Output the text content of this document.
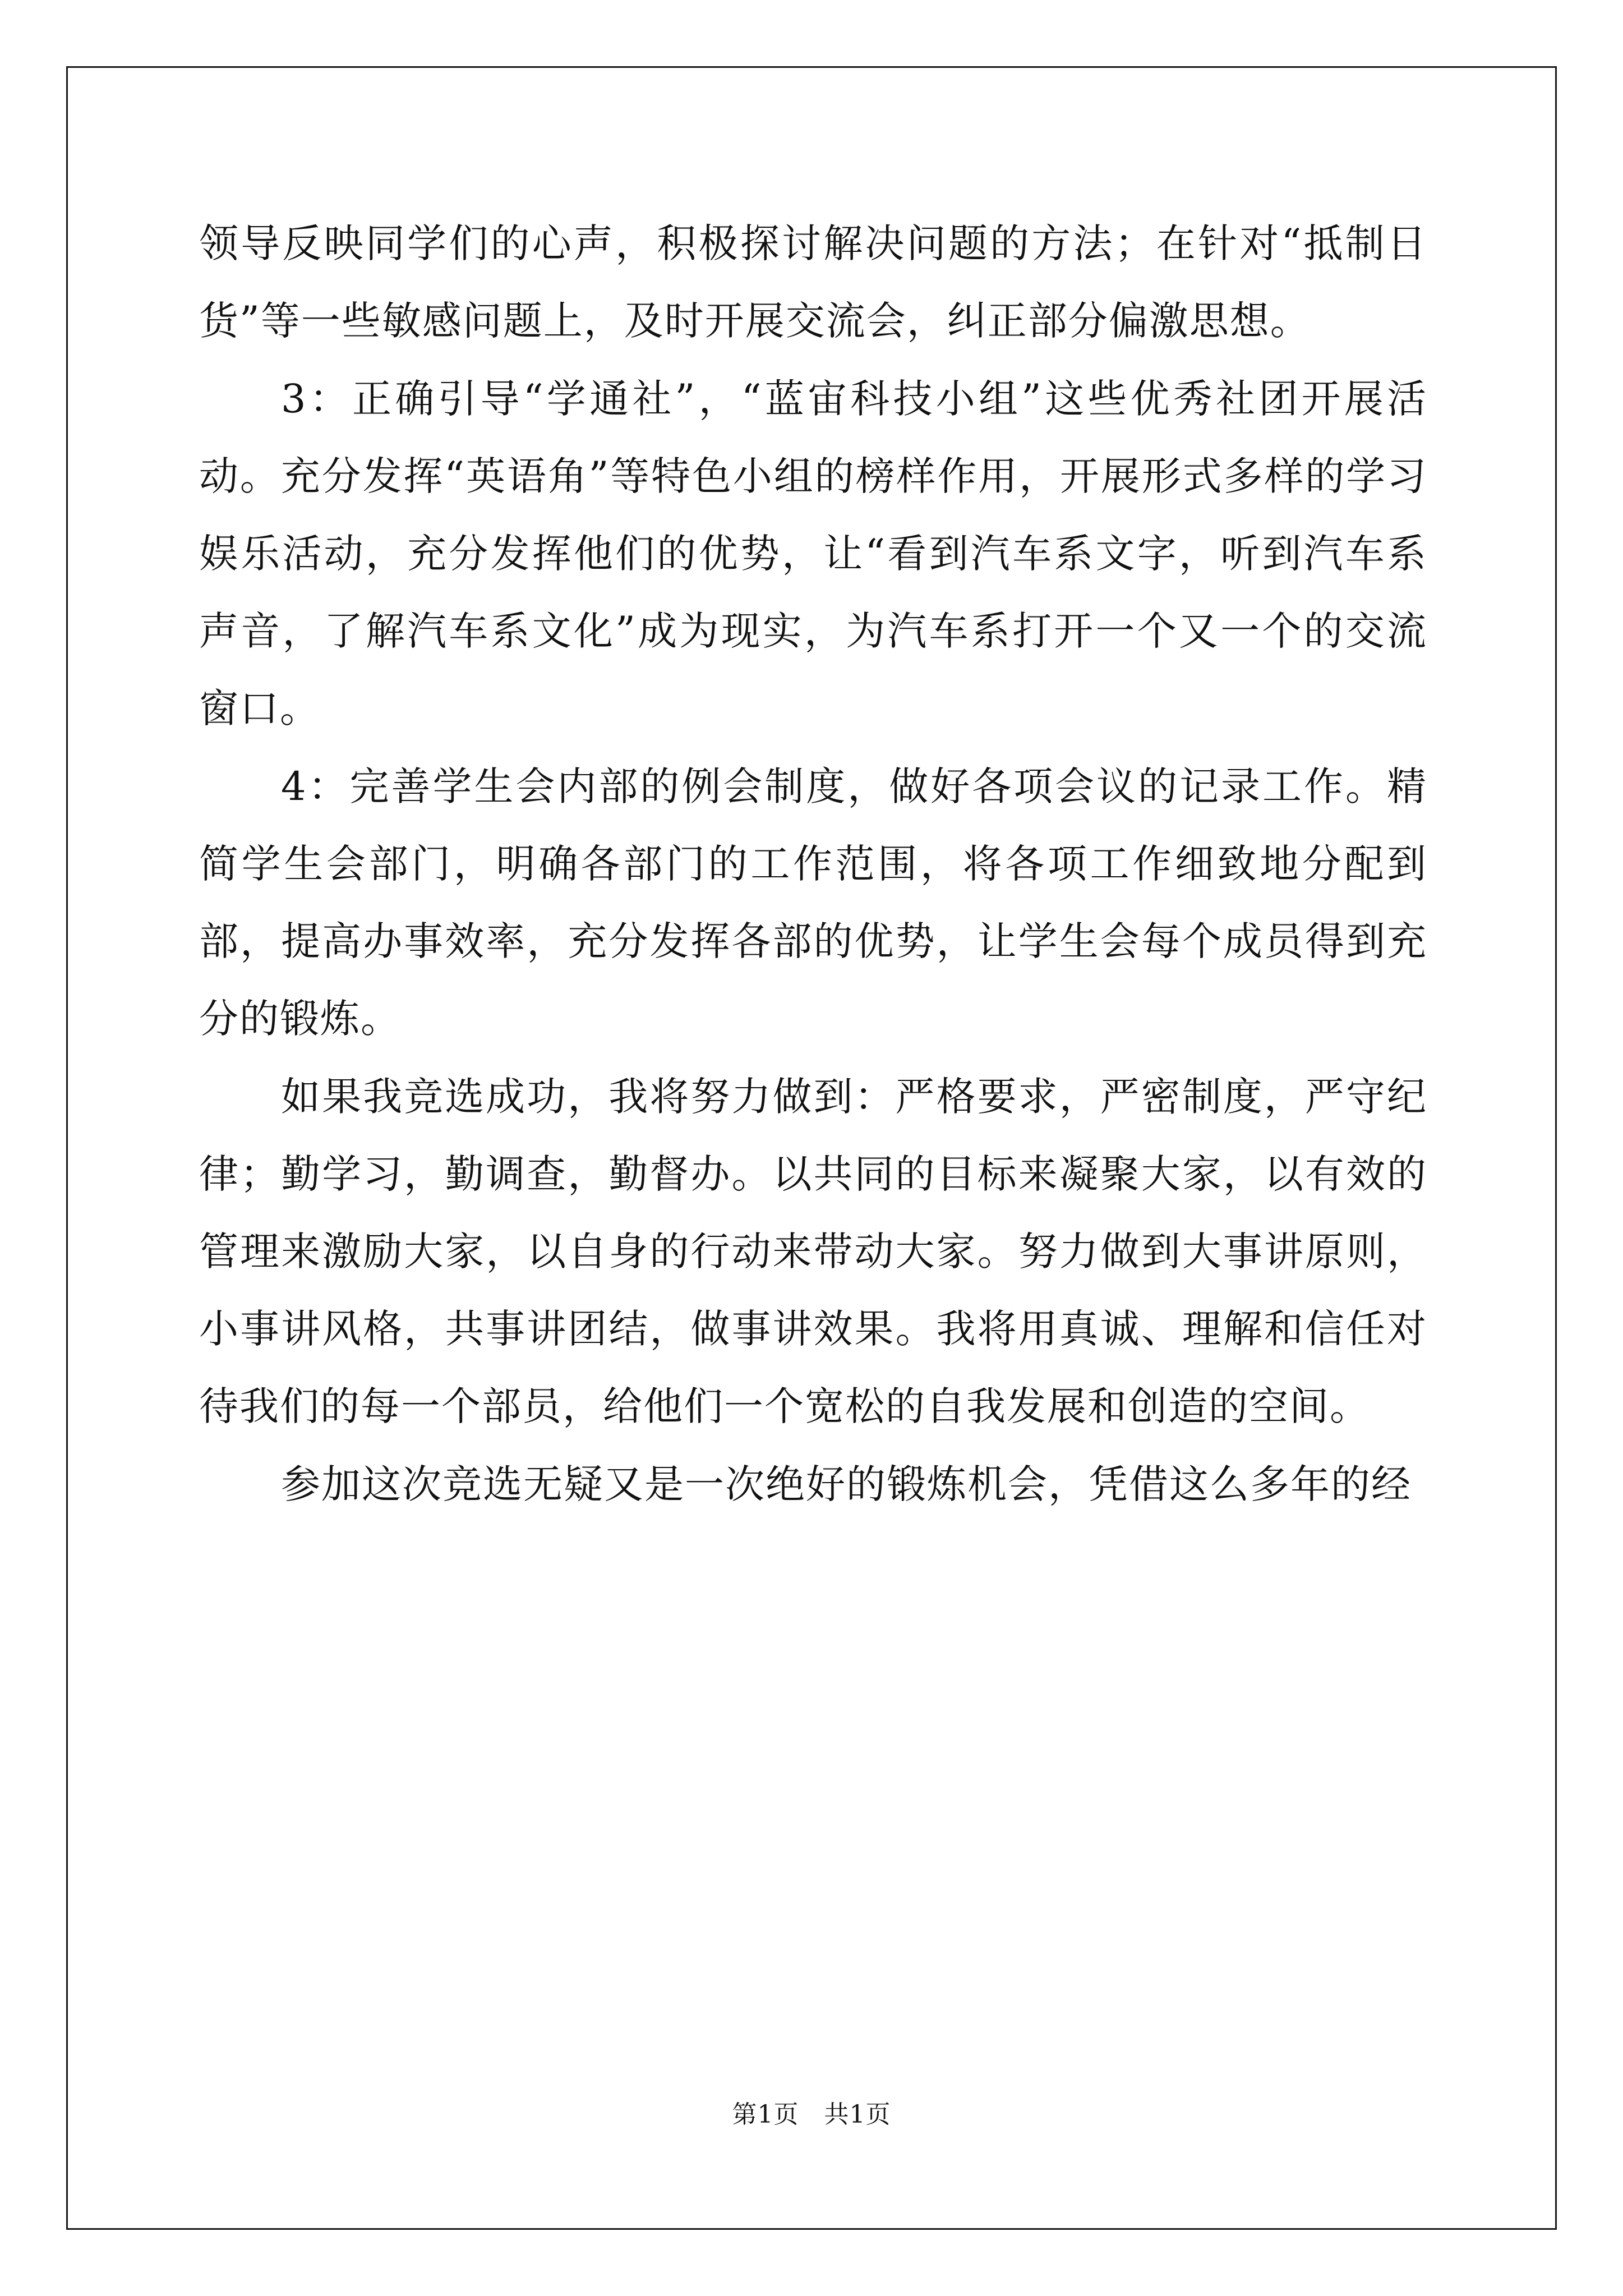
领导反映同学们的心声，积极探讨解决问题的方法；在针对“抵制日货”等一些敏感问题上，及时开展交流会，纠正部分偏激思想。

3：正确引导“学通社”，“蓝宙科技小组”这些优秀社团开展活动。充分发挥“英语角”等特色小组的榜样作用，开展形式多样的学习娱乐活动，充分发挥他们的优势，让“看到汽车系文字，听到汽车系声音，了解汽车系文化”成为现实，为汽车系打开一个又一个的交流窗口。

4：完善学生会内部的例会制度，做好各项会议的记录工作。精简学生会部门，明确各部门的工作范围，将各项工作细致地分配到部，提高办事效率，充分发挥各部的优势，让学生会每个成员得到充分的锻炼。

如果我竞选成功，我将努力做到：严格要求，严密制度，严守纪律；勤学习，勤调查，勤督办。以共同的目标来凝聚大家，以有效的管理来激励大家，以自身的行动来带动大家。努力做到大事讲原则，小事讲风格，共事讲团结，做事讲效果。我将用真诚、理解和信任对待我们的每一个部员，给他们一个宽松的自我发展和创造的空间。

参加这次竞选无疑又是一次绝好的锻炼机会，凭借这么多年的经

第1页　共1页
